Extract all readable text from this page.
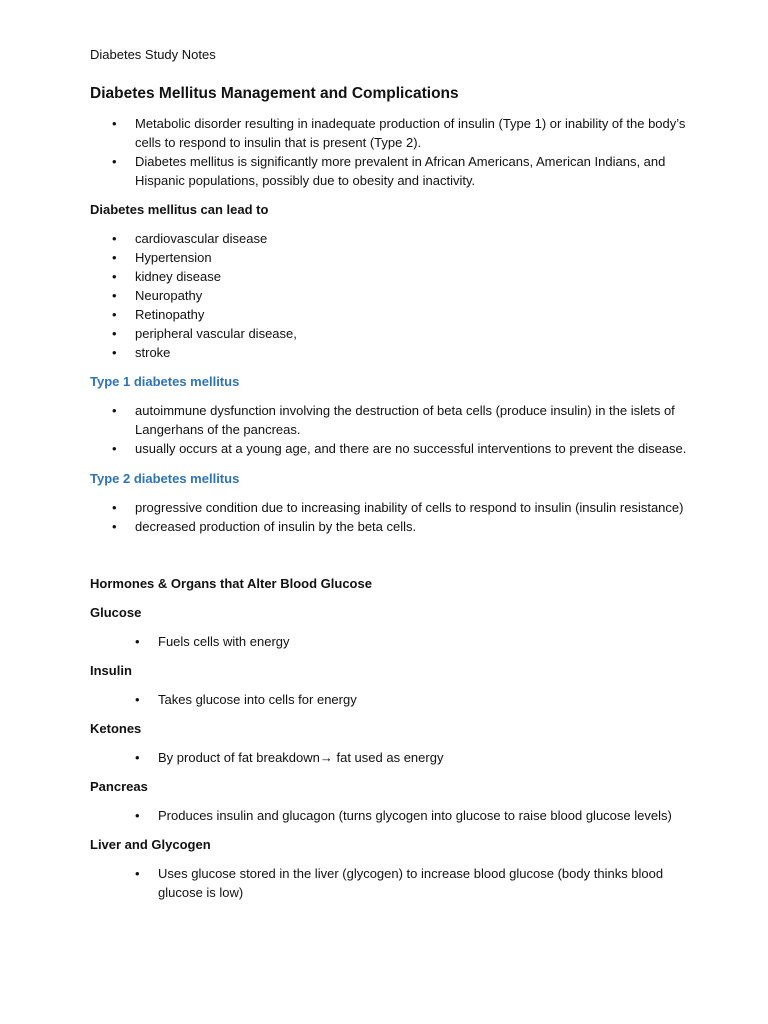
Diabetes Study Notes

Diabetes Mellitus Management and Complications
• Metabolic disorder resulting in inadequate production of insulin (Type 1) or inability of the body’s cells to respond to insulin that is present (Type 2).
• Diabetes mellitus is significantly more prevalent in African Americans, American Indians, and Hispanic populations, possibly due to obesity and inactivity.

Diabetes mellitus can lead to

• cardiovascular disease
• Hypertension
• kidney disease
• Neuropathy
• Retinopathy
• peripheral vascular disease,
• stroke

Type 1 diabetes mellitus

• autoimmune dysfunction involving the destruction of beta cells (produce insulin) in the islets of Langerhans of the pancreas.
• usually occurs at a young age, and there are no successful interventions to prevent the disease.

Type 2 diabetes mellitus

• progressive condition due to increasing inability of cells to respond to insulin (insulin resistance)
• decreased production of insulin by the beta cells.

Hormones & Organs that Alter Blood Glucose

Glucose

• Fuels cells with energy

Insulin

• Takes glucose into cells for energy

Ketones

• By product of fat breakdown→ fat used as energy

Pancreas

• Produces insulin and glucagon (turns glycogen into glucose to raise blood glucose levels)

Liver and Glycogen

• Uses glucose stored in the liver (glycogen) to increase blood glucose (body thinks blood glucose is low)
